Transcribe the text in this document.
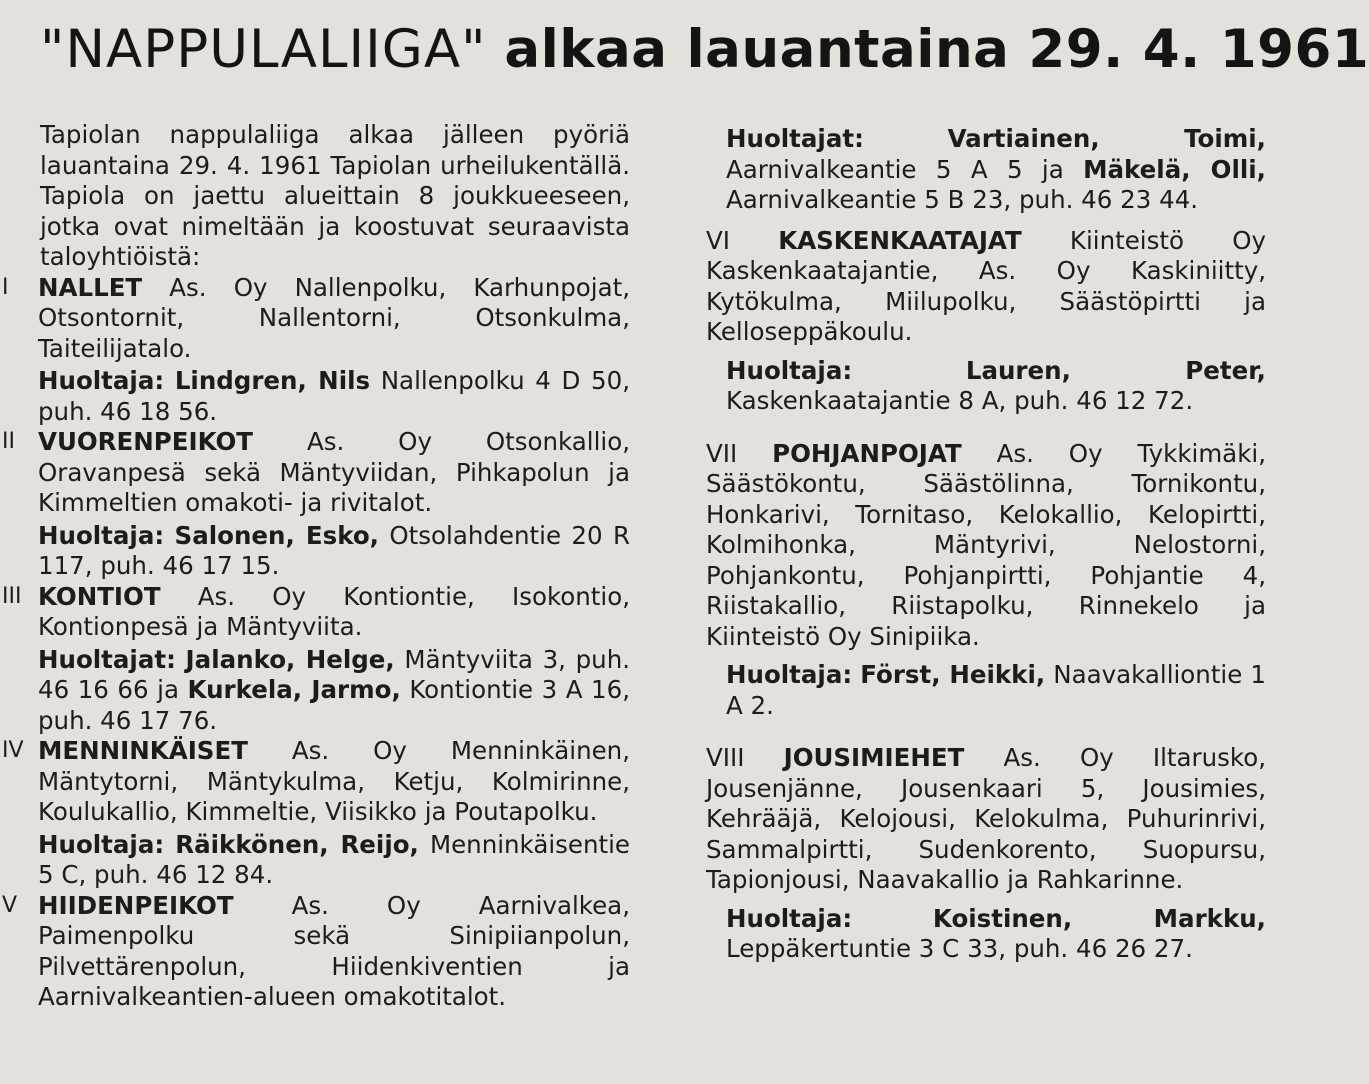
"NAPPULALIIGA" alkaa lauantaina 29. 4. 1961

Tapiolan nappulaliiga alkaa jälleen pyöriä lauantaina 29. 4. 1961 Tapiolan urheilukentällä. Tapiola on jaettu alueittain 8 joukkueeseen, jotka ovat nimeltään ja koostuvat seuraavista taloyhtiöistä:

I	NALLET As. Oy Nallenpolku, Karhunpojat, Otsontornit, Nallentorni, Otsonkulma, Taiteilijatalo.
Huoltaja: Lindgren, Nils Nallenpolku 4 D 50, puh. 46 18 56.
II VUORENPEIKOT As. Oy Otsonkallio, Oravanpesä sekä Mäntyviidan, Pihkapolun ja Kimmeltien omakoti- ja rivitalot.
Huoltaja: Salonen, Esko, Otsolahdentie 20 R 117, puh. 46 17 15.
III KONTIOT As. Oy Kontiontie, Isokontio, Kontionpesä ja Mäntyviita.
Huoltajat: Jalanko, Helge, Mäntyviita 3, puh. 46 16 66 ja Kurkela, Jarmo, Kontiontie 3 A 16, puh. 46 17 76.
IV MENNINKÄISET As. Oy Menninkäinen, Mäntytorni, Mäntykulma, Ketju, Kolmirinne, Koulukallio, Kimmeltie, Viisikko ja Poutapolku.
Huoltaja: Räikkönen, Reijo, Menninkäisentie 5 C, puh. 46 12 84.
V HIIDENPEIKOT As. Oy Aarnivalkea, Paimenpolku sekä Sinipiianpolun, Pilvettärenpolun, Hiidenkiventien ja Aarnivalkeantien-alueen omakotitalot.
Huoltajat:	Vartiainen, Toimi, Aarnivalkeantie 5 A 5 ja Mäkelä, Olli, Aarnivalkeantie 5 B 23, puh. 46 23 44.
VI KASKENKAATAJAT Kiinteistö Oy Kaskenkaatajantie, As. Oy Kaskiniitty, Kytökulma, Miilupolku, Säästöpirtti ja Kelloseppäkoulu.
Huoltaja:	Lauren, Peter, Kaskenkaatajantie 8 A, puh. 46 12 72.
VII POHJANPOJAT As. Oy Tykkimäki, Säästökontu, Säästölinna, Tornikontu, Honkarivi, Tornitaso, Kelokallio, Kelopirtti, Kolmihonka, Mäntyrivi, Nelostorni, Pohjankontu, Pohjanpirtti, Pohjantie 4, Riistakallio, Riistapolku, Rinnekelo ja Kiinteistö Oy Sinipiika.
Huoltaja: Först, Heikki, Naavakalliontie 1 A 2.
VIII JOUSIMIEHET As. Oy Iltarusko, Jousenjänne, Jousenkaari 5, Jousimies, Kehrääjä, Kelojousi, Kelokulma, Puhurinrivi, Sammalpirtti, Sudenkorento, Suopursu, Tapionjousi, Naavakallio ja Rahkarinne.
Huoltaja:	Koistinen, Markku, Leppäkertuntie 3 C 33, puh. 46 26 27.
